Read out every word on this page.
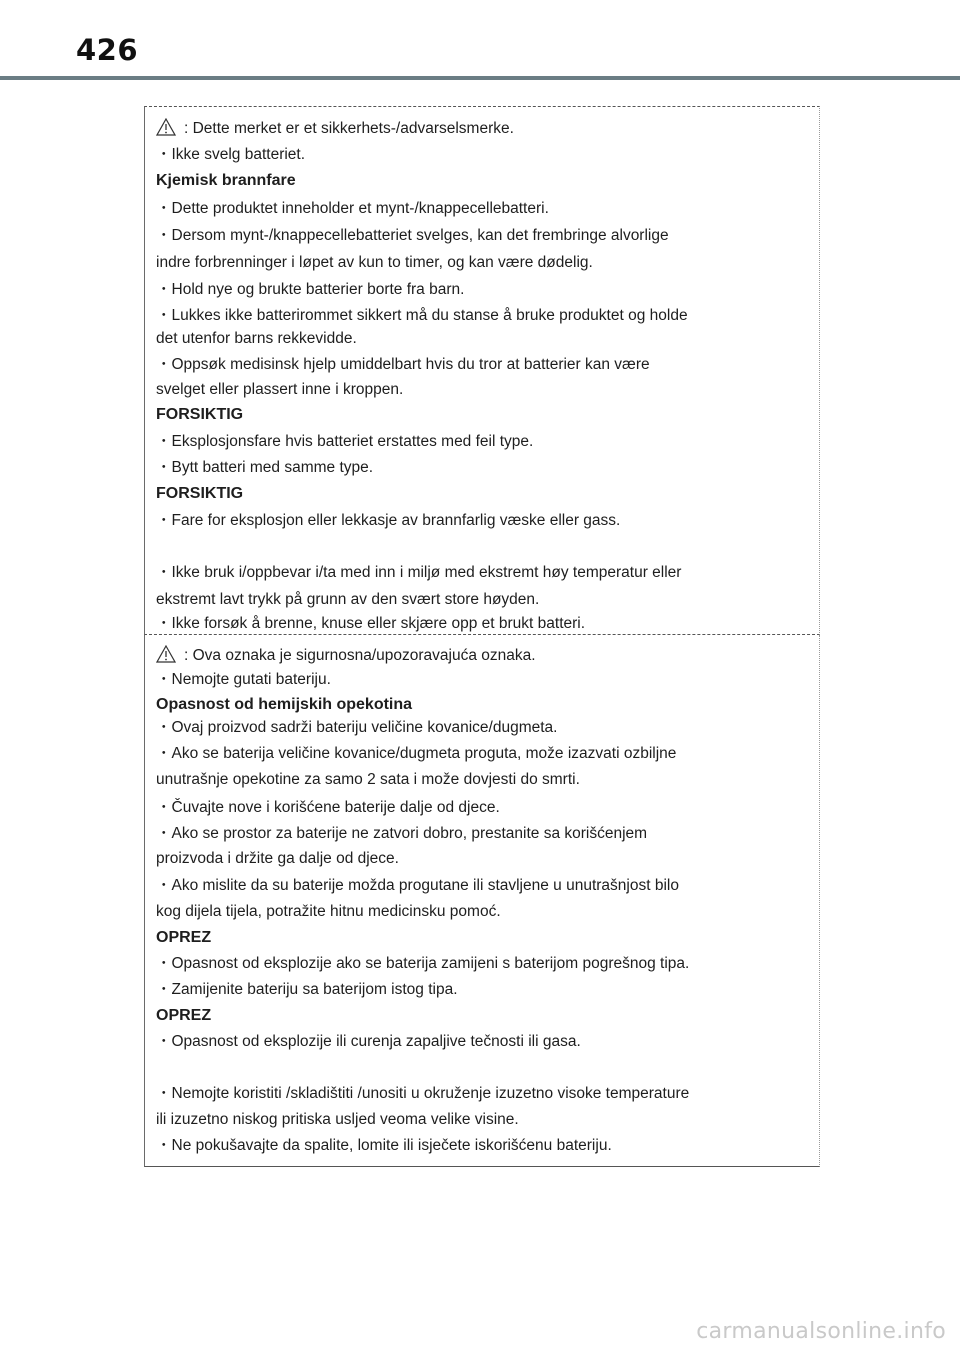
426
: Dette merket er et sikkerhets-/advarselsmerke.
・Ikke svelg batteriet.
Kjemisk brannfare
・Dette produktet inneholder et mynt-/knappecellebatteri.
・Dersom mynt-/knappecellebatteriet svelges, kan det frembringe alvorlige
indre forbrenninger i løpet av kun to timer, og kan være dødelig.
・Hold nye og brukte batterier borte fra barn.
・Lukkes ikke batterirommet sikkert må du stanse å bruke produktet og holde
det utenfor barns rekkevidde.
・Oppsøk medisinsk hjelp umiddelbart hvis du tror at batterier kan være
svelget eller plassert inne i kroppen.
FORSIKTIG
・Eksplosjonsfare hvis batteriet erstattes med feil type.
・Bytt batteri med samme type.
FORSIKTIG
・Fare for eksplosjon eller lekkasje av brannfarlig væske eller gass.
・Ikke bruk i/oppbevar i/ta med inn i miljø med ekstremt høy temperatur eller
ekstremt lavt trykk på grunn av den svært store høyden.
・Ikke forsøk å brenne, knuse eller skjære opp et brukt batteri.
: Ova oznaka je sigurnosna/upozoravajuća oznaka.
・Nemojte gutati bateriju.
Opasnost od hemijskih opekotina
・Ovaj proizvod sadrži bateriju veličine kovanice/dugmeta.
・Ako se baterija veličine kovanice/dugmeta proguta, može izazvati ozbiljne
unutrašnje opekotine za samo 2 sata i može dovjesti do smrti.
・Čuvajte nove i korišćene baterije dalje od djece.
・Ako se prostor za baterije ne zatvori dobro, prestanite sa korišćenjem
proizvoda i držite ga dalje od djece.
・Ako mislite da su baterije možda progutane ili stavljene u unutrašnjost bilo
kog dijela tijela, potražite hitnu medicinsku pomoć.
OPREZ
・Opasnost od eksplozije ako se baterija zamijeni s baterijom pogrešnog tipa.
・Zamijenite bateriju sa baterijom istog tipa.
OPREZ
・Opasnost od eksplozije ili curenja zapaljive tečnosti ili gasa.
・Nemojte koristiti /skladištiti /unositi u okruženje izuzetno visoke temperature
ili izuzetno niskog pritiska usljed veoma velike visine.
・Ne pokušavajte da spalite, lomite ili isječete iskorišćenu bateriju.
carmanualsonline.info
